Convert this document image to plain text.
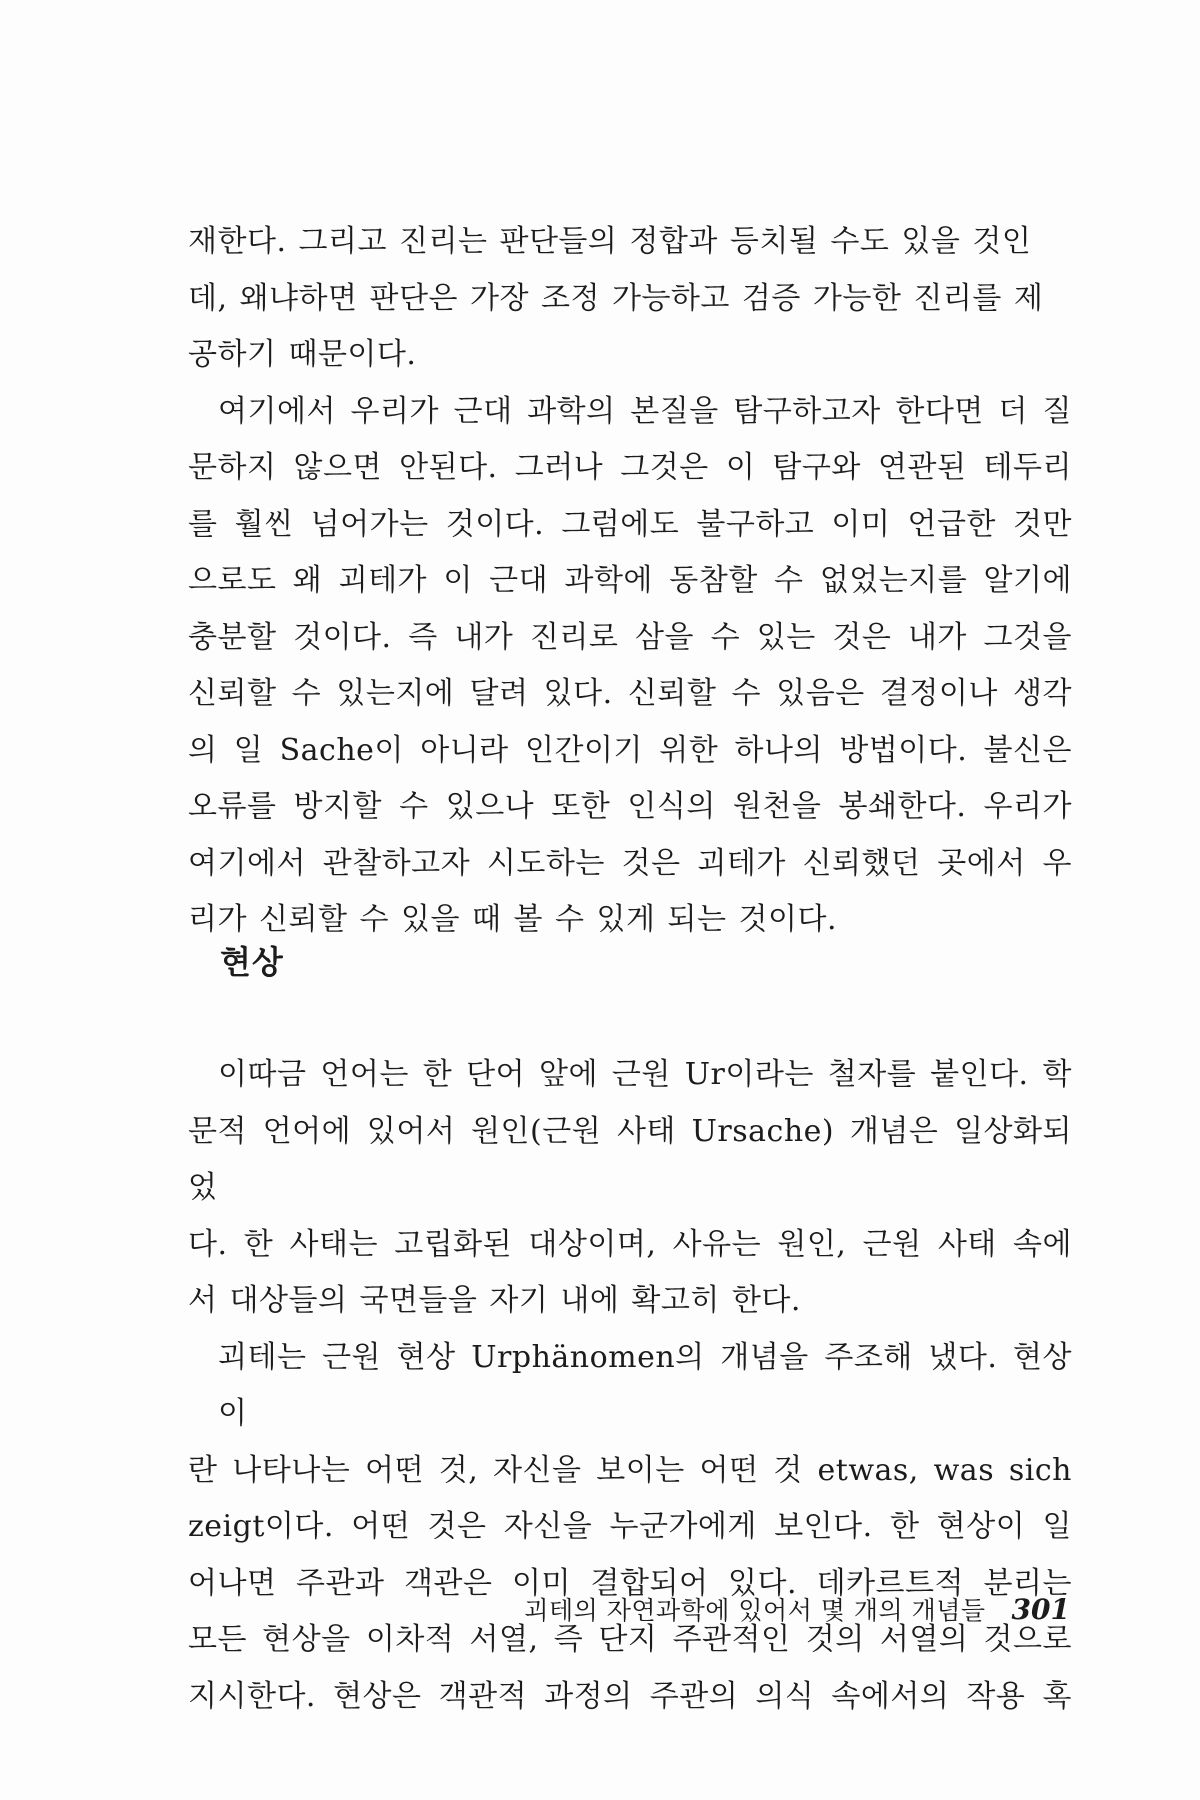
재한다. 그리고 진리는 판단들의 정합과 등치될 수도 있을 것인
데, 왜냐하면 판단은 가장 조정 가능하고 검증 가능한 진리를 제
공하기 때문이다.
여기에서 우리가 근대 과학의 본질을 탐구하고자 한다면 더 질
문하지 않으면 안된다. 그러나 그것은 이 탐구와 연관된 테두리
를 훨씬 넘어가는 것이다. 그럼에도 불구하고 이미 언급한 것만
으로도 왜 괴테가 이 근대 과학에 동참할 수 없었는지를 알기에
충분할 것이다. 즉 내가 진리로 삼을 수 있는 것은 내가 그것을
신뢰할 수 있는지에 달려 있다. 신뢰할 수 있음은 결정이나 생각
의 일 Sache이 아니라 인간이기 위한 하나의 방법이다. 불신은
오류를 방지할 수 있으나 또한 인식의 원천을 봉쇄한다. 우리가
여기에서 관찰하고자 시도하는 것은 괴테가 신뢰했던 곳에서 우
리가 신뢰할 수 있을 때 볼 수 있게 되는 것이다.
현상
이따금 언어는 한 단어 앞에 근원 Ur이라는 철자를 붙인다. 학
문적 언어에 있어서 원인(근원 사태 Ursache) 개념은 일상화되었
다. 한 사태는 고립화된 대상이며, 사유는 원인, 근원 사태 속에
서 대상들의 국면들을 자기 내에 확고히 한다.
괴테는 근원 현상 Urphänomen의 개념을 주조해 냈다. 현상이
란 나타나는 어떤 것, 자신을 보이는 어떤 것 etwas, was sich
zeigt이다. 어떤 것은 자신을 누군가에게 보인다. 한 현상이 일
어나면 주관과 객관은 이미 결합되어 있다. 데카르트적 분리는
모든 현상을 이차적 서열, 즉 단지 주관적인 것의 서열의 것으로
지시한다. 현상은 객관적 과정의 주관의 의식 속에서의 작용 혹
괴테의 자연과학에 있어서 몇 개의 개념들 301
